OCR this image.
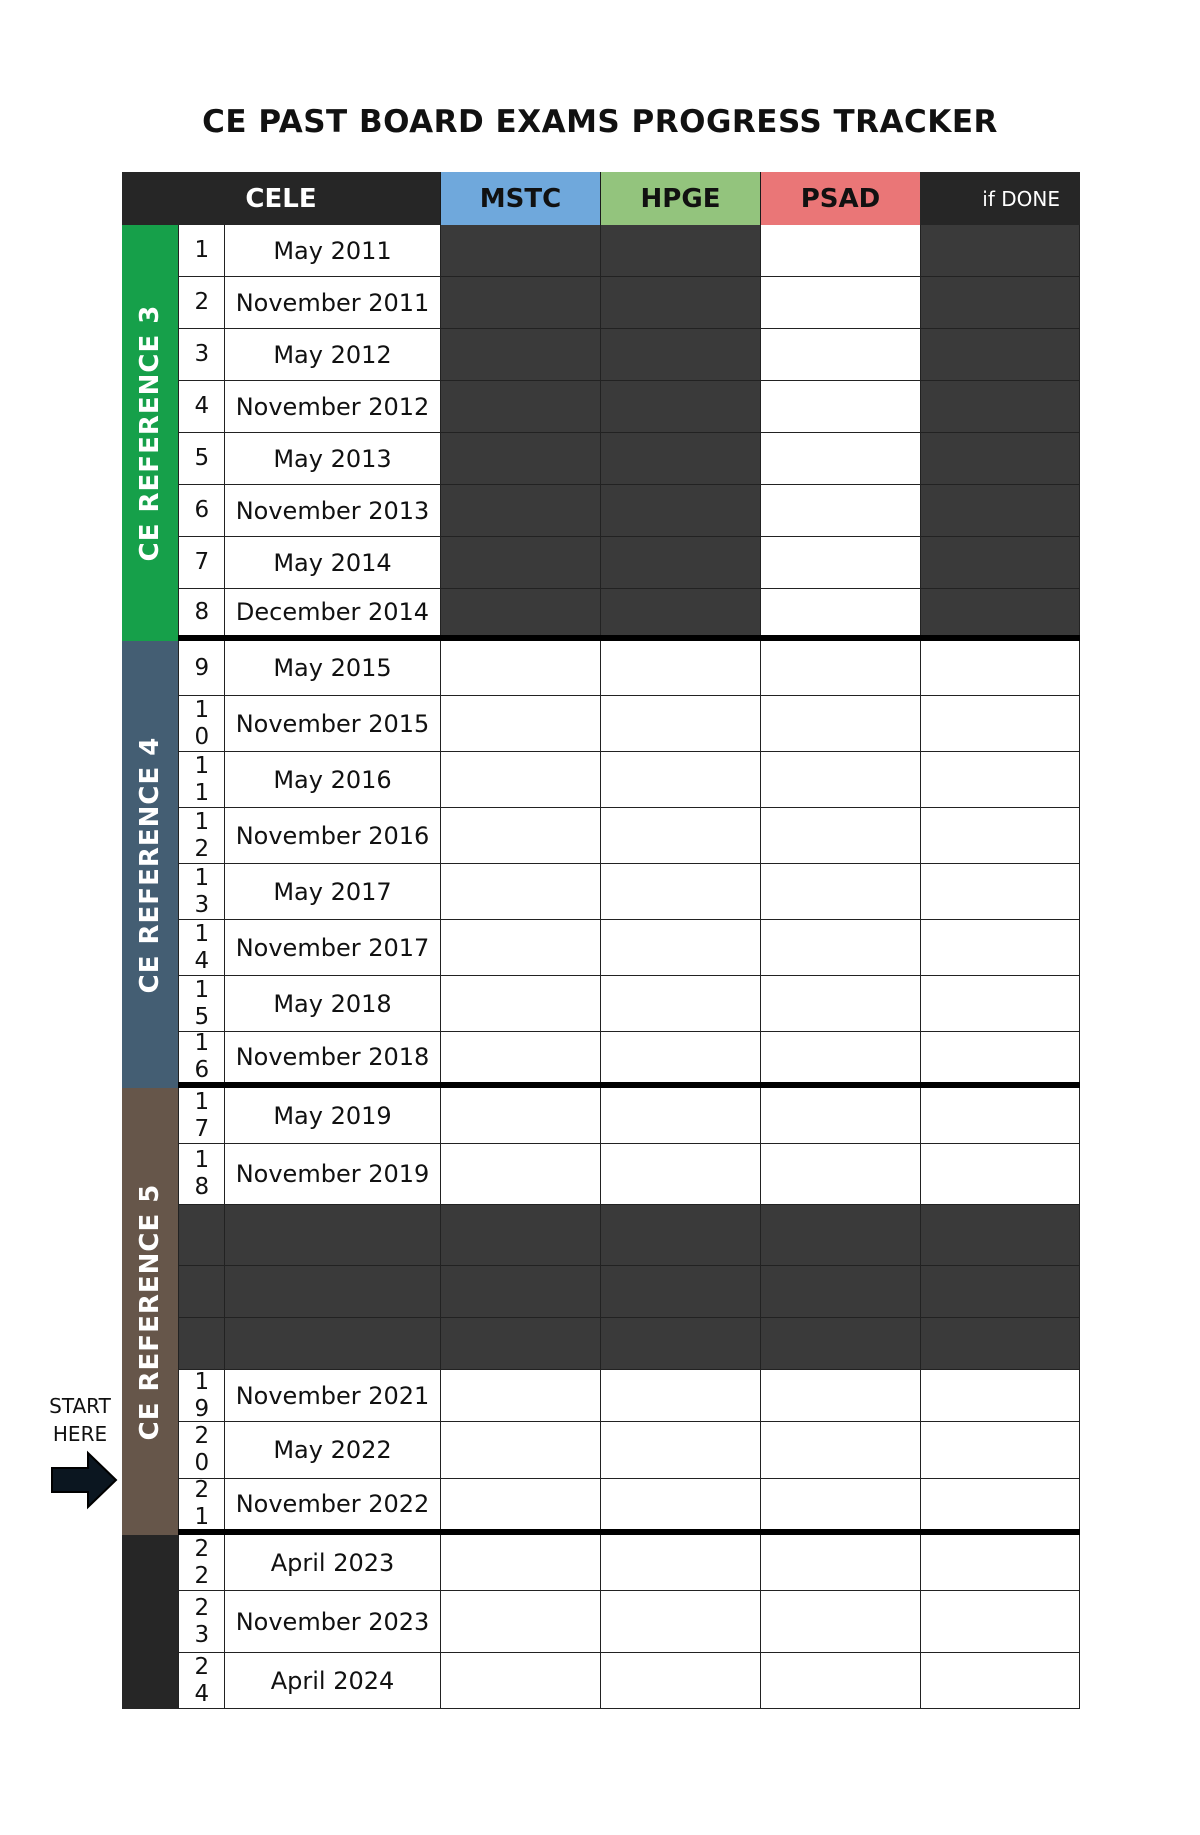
CE PAST BOARD EXAMS PROGRESS TRACKER
CELE	MSTC	HPGE	PSAD	if DONE
1	May 2011
2	November 2011
3	May 2012
4	November 2012
5	May 2013
6	November 2013
7	May 2014
8	December 2014
9	May 2015
10	November 2015
11	May 2016
12	November 2016
13	May 2017
14	November 2017
15	May 2018
16	November 2018
17	May 2019
18	November 2019
19	November 2021
20	May 2022
21	November 2022
22	April 2023
23	November 2023
24	April 2024
CE REFERENCE 3
CE REFERENCE 4
CE REFERENCE 5
START
HERE
